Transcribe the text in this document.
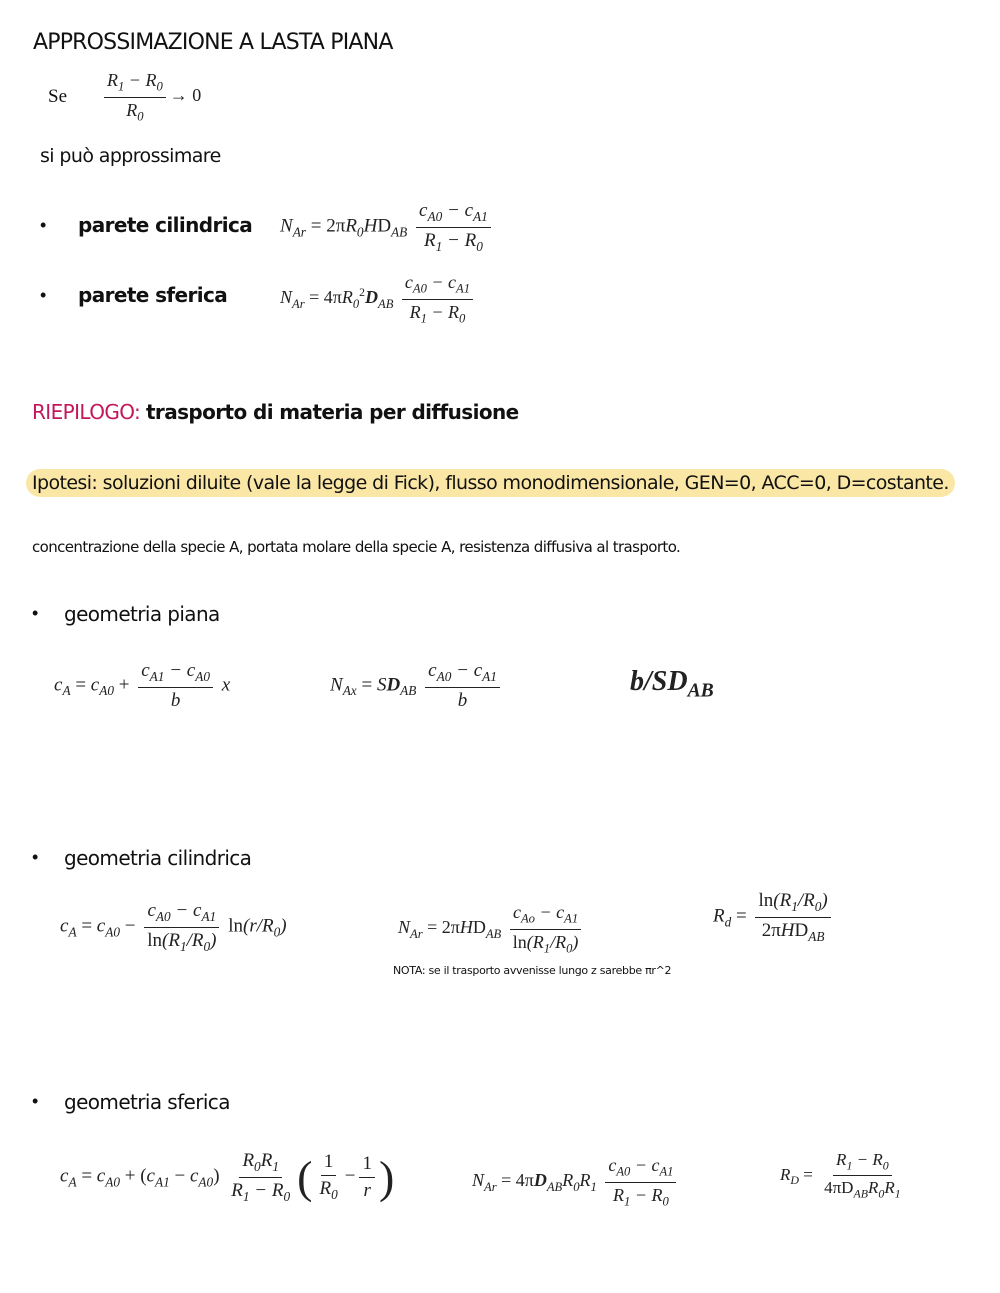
APPROSSIMAZIONE A LASTA PIANA
Se $\frac{R_1 - R_0}{R_0} \to 0$
si può approssimare
• parete cilindrica $N_{Ar} = 2\pi R_0HD_{AB} \frac{c_{A0} - c_{A1}}{R_1 - R_0}$
• parete sferica	$N_{Ar} = 4\pi R_0^2D_{AB} \frac{c_{A0} - c_{A1}}{R_1 - R_0}$
RIEPILOGO: trasporto di materia per diffusione
Ipotesi: soluzioni diluite (vale la legge di Fick), flusso monodimensionale, GEN=0, ACC=0, D=costante.
concentrazione della specie A, portata molare della specie A, resistenza diffusiva al trasporto.
• geometria piana
$c_A = c_{A0} + \frac{c_{A1} - c_{A0}}{b}$ x	$N_{Ax} = SD_{AB} \frac{c_{A0} - c_{A1}}{b}$	$b/SD_{AB}$
• geometria cilindrica
$c_A = c_{A0} - \frac{c_{A0} - c_{A1}}{\ln(R_1/R_0)} \ln(r/R_0)$	$N_{Ar} = 2\pi HD_{AB} \frac{c_{Ao} - c_{A1}}{\ln(R_1/R_0)}$	$R_d = \frac{\ln(R_1/R_0)}{2\pi HD_{AB}}$
NOTA: se il trasporto avvenisse lungo z sarebbe πr^2
• geometria sferica
$c_A = c_{A0} + (c_{A1} - c_{A0}) \frac{R_0R_1}{R_1 - R_0}$ ( $\frac{1}{R_0} - \frac{1}{r}$ )	$N_{Ar} = 4\pi D_{AB}R_0R_1 \frac{c_{A0} - c_{A1}}{R_1 - R_0}$	$R_D = \frac{R_1 - R_0}{4\pi D_{AB}R_0R_1}$
